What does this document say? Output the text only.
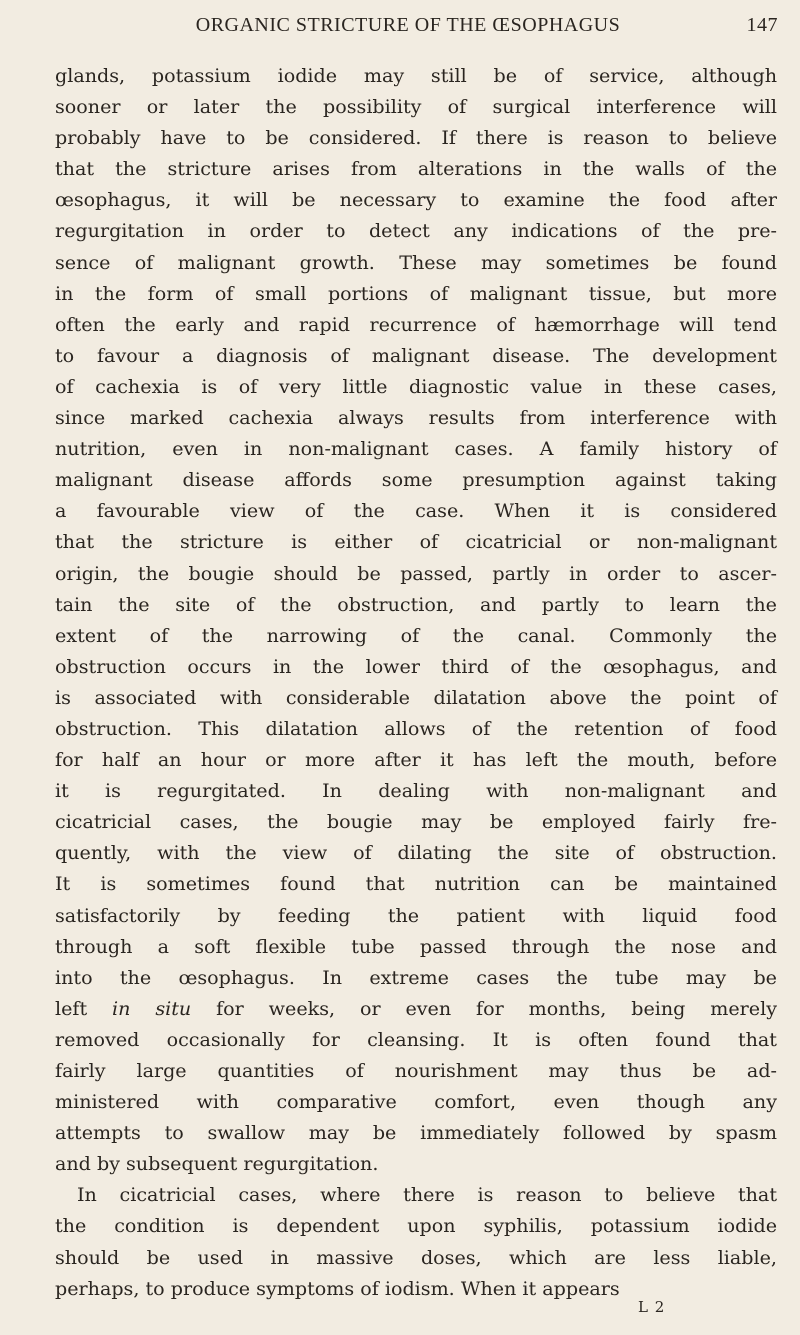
ORGANIC STRICTURE OF THE ŒSOPHAGUS	147
glands, potassium iodide may still be of service, although
sooner or later the possibility of surgical interference will
probably have to be considered. If there is reason to believe
that the stricture arises from alterations in the walls of the
œsophagus, it will be necessary to examine the food after
regurgitation in order to detect any indications of the pre-
sence of malignant growth. These may sometimes be found
in the form of small portions of malignant tissue, but more
often the early and rapid recurrence of hæmorrhage will tend
to favour a diagnosis of malignant disease. The development
of cachexia is of very little diagnostic value in these cases,
since marked cachexia always results from interference with
nutrition, even in non-malignant cases. A family history of
malignant disease affords some presumption against taking
a favourable view of the case. When it is considered
that the stricture is either of cicatricial or non-malignant
origin, the bougie should be passed, partly in order to ascer-
tain the site of the obstruction, and partly to learn the
extent of the narrowing of the canal. Commonly the
obstruction occurs in the lower third of the œsophagus, and
is associated with considerable dilatation above the point of
obstruction. This dilatation allows of the retention of food
for half an hour or more after it has left the mouth, before
it is regurgitated. In dealing with non-malignant and
cicatricial cases, the bougie may be employed fairly fre-
quently, with the view of dilating the site of obstruction.
It is sometimes found that nutrition can be maintained
satisfactorily by feeding the patient with liquid food
through a soft flexible tube passed through the nose and
into the œsophagus. In extreme cases the tube may be
left in situ for weeks, or even for months, being merely
removed occasionally for cleansing. It is often found that
fairly large quantities of nourishment may thus be ad-
ministered with comparative comfort, even though any
attempts to swallow may be immediately followed by spasm
and by subsequent regurgitation.
In cicatricial cases, where there is reason to believe that
the condition is dependent upon syphilis, potassium iodide
should be used in massive doses, which are less liable,
perhaps, to produce symptoms of iodism. When it appears
L 2
